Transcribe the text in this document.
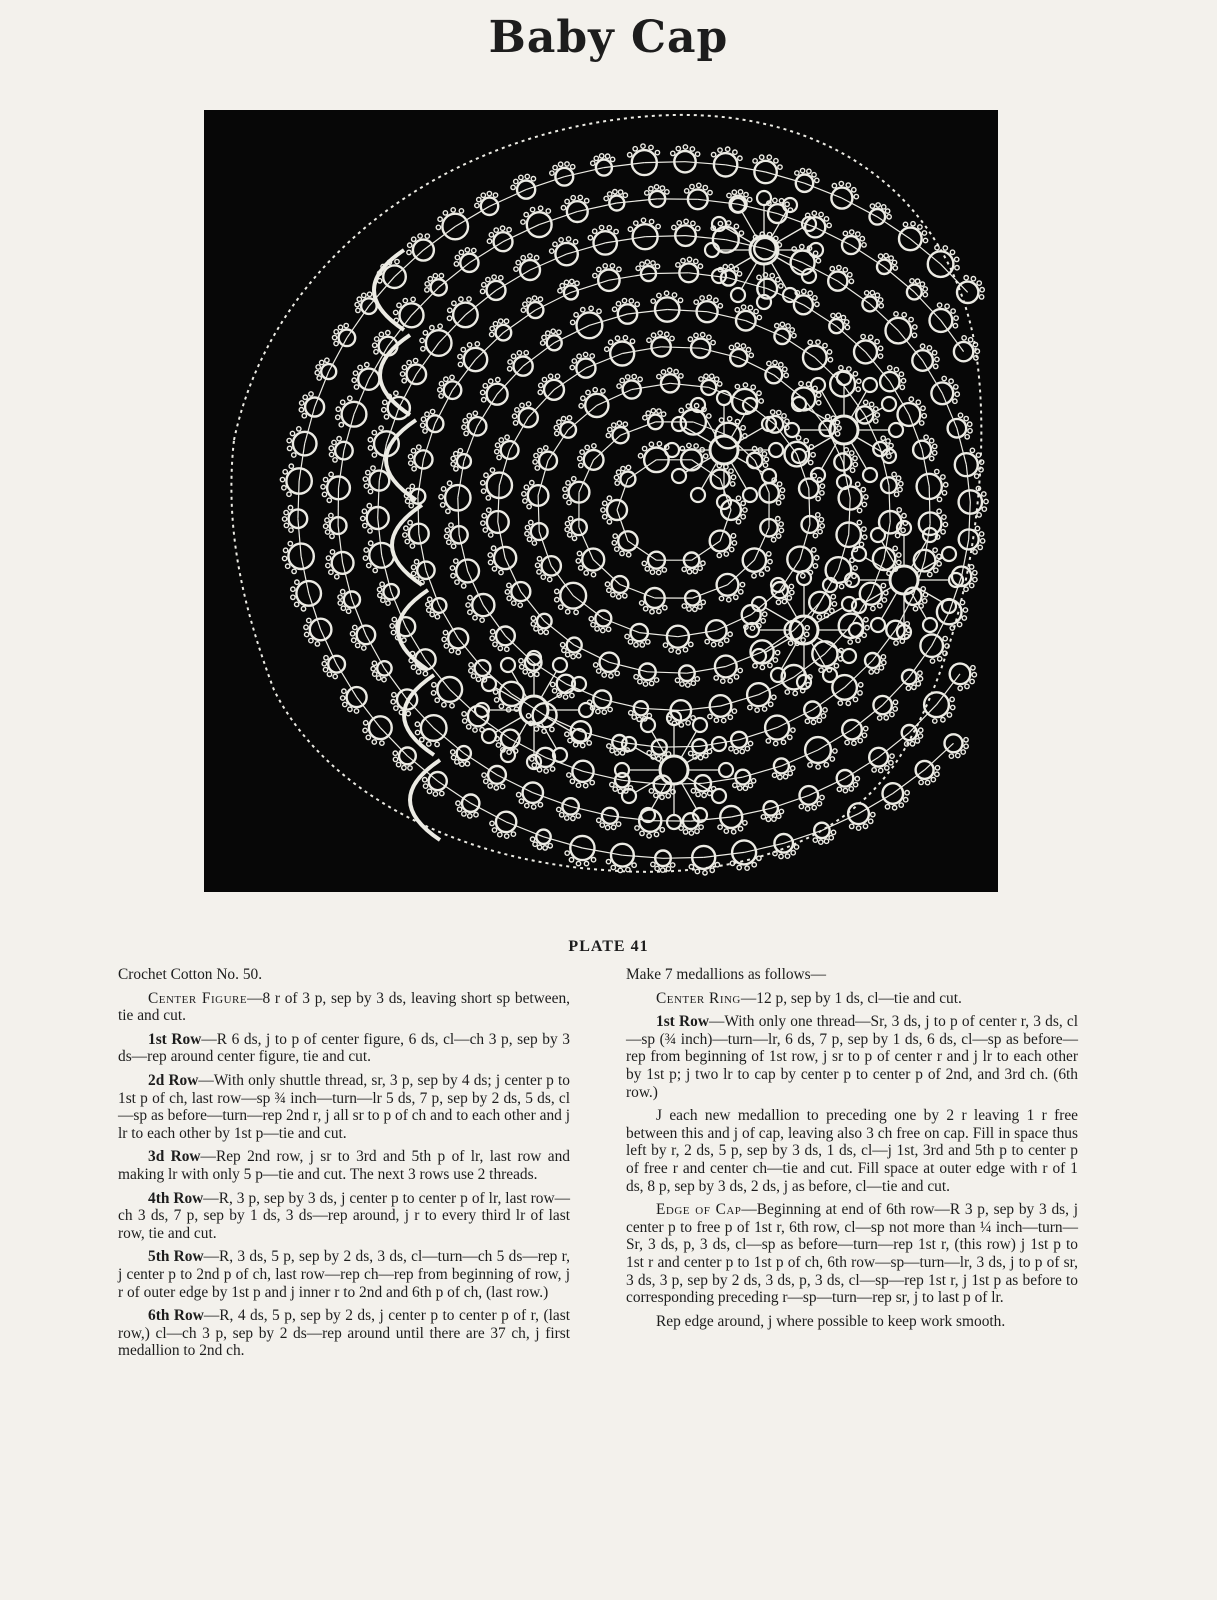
Baby Cap
PLATE 41

Crochet Cotton No. 50.

Center Figure—8 r of 3 p, sep by 3 ds, leaving short sp between, tie and cut.

1st Row—R 6 ds, j to p of center figure, 6 ds, cl—ch 3 p, sep by 3 ds—rep around center figure, tie and cut.

2d Row—With only shuttle thread, sr, 3 p, sep by 4 ds; j center p to 1st p of ch, last row—sp ¾ inch—turn—lr 5 ds, 7 p, sep by 2 ds, 5 ds, cl—sp as before—turn—rep 2nd r, j all sr to p of ch and to each other and j lr to each other by 1st p—tie and cut.

3d Row—Rep 2nd row, j sr to 3rd and 5th p of lr, last row and making lr with only 5 p—tie and cut. The next 3 rows use 2 threads.

4th Row—R, 3 p, sep by 3 ds, j center p to center p of lr, last row—ch 3 ds, 7 p, sep by 1 ds, 3 ds—rep around, j r to every third lr of last row, tie and cut.

5th Row—R, 3 ds, 5 p, sep by 2 ds, 3 ds, cl—turn—ch 5 ds—rep r, j center p to 2nd p of ch, last row—rep ch—rep from beginning of row, j r of outer edge by 1st p and j inner r to 2nd and 6th p of ch, (last row.)

6th Row—R, 4 ds, 5 p, sep by 2 ds, j center p to center p of r, (last row,) cl—ch 3 p, sep by 2 ds—rep around until there are 37 ch, j first medallion to 2nd ch.

Make 7 medallions as follows—

Center Ring—12 p, sep by 1 ds, cl—tie and cut.

1st Row—With only one thread—Sr, 3 ds, j to p of center r, 3 ds, cl—sp (¾ inch)—turn—lr, 6 ds, 7 p, sep by 1 ds, 6 ds, cl—sp as before—rep from beginning of 1st row, j sr to p of center r and j lr to each other by 1st p; j two lr to cap by center p to center p of 2nd, and 3rd ch. (6th row.)

J each new medallion to preceding one by 2 r leaving 1 r free between this and j of cap, leaving also 3 ch free on cap. Fill in space thus left by r, 2 ds, 5 p, sep by 3 ds, 1 ds, cl—j 1st, 3rd and 5th p to center p of free r and center ch—tie and cut. Fill space at outer edge with r of 1 ds, 8 p, sep by 3 ds, 2 ds, j as before, cl—tie and cut.

Edge of Cap—Beginning at end of 6th row—R 3 p, sep by 3 ds, j center p to free p of 1st r, 6th row, cl—sp not more than ¼ inch—turn—Sr, 3 ds, p, 3 ds, cl—sp as before—turn—rep 1st r, (this row) j 1st p to 1st r and center p to 1st p of ch, 6th row—sp—turn—lr, 3 ds, j to p of sr, 3 ds, 3 p, sep by 2 ds, 3 ds, p, 3 ds, cl—sp—rep 1st r, j 1st p as before to corresponding preceding r—sp—turn—rep sr, j to last p of lr.

Rep edge around, j where possible to keep work smooth.
